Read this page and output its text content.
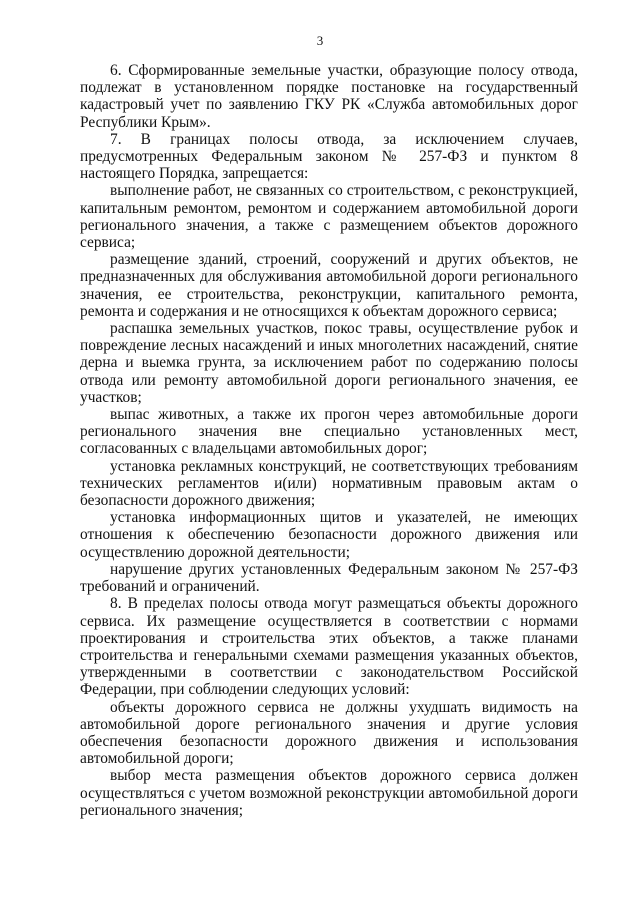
3

6. Сформированные земельные участки, образующие полосу отвода, подлежат в установленном порядке постановке на государственный кадастровый учет по заявлению ГКУ РК «Служба автомобильных дорог Республики Крым».

7. В границах полосы отвода, за исключением случаев, предусмотренных Федеральным законом № 257-ФЗ и пунктом 8 настоящего Порядка, запрещается:

выполнение работ, не связанных со строительством, с реконструкцией, капитальным ремонтом, ремонтом и содержанием автомобильной дороги регионального значения, а также с размещением объектов дорожного сервиса;

размещение зданий, строений, сооружений и других объектов, не предназначенных для обслуживания автомобильной дороги регионального значения, ее строительства, реконструкции, капитального ремонта, ремонта и содержания и не относящихся к объектам дорожного сервиса;

распашка земельных участков, покос травы, осуществление рубок и повреждение лесных насаждений и иных многолетних насаждений, снятие дерна и выемка грунта, за исключением работ по содержанию полосы отвода или ремонту автомобильной дороги регионального значения, ее участков;

выпас животных, а также их прогон через автомобильные дороги регионального значения вне специально установленных мест, согласованных с владельцами автомобильных дорог;

установка рекламных конструкций, не соответствующих требованиям технических регламентов и(или) нормативным правовым актам о безопасности дорожного движения;

установка информационных щитов и указателей, не имеющих отношения к обеспечению безопасности дорожного движения или осуществлению дорожной деятельности;

нарушение других установленных Федеральным законом № 257-ФЗ требований и ограничений.

8. В пределах полосы отвода могут размещаться объекты дорожного сервиса. Их размещение осуществляется в соответствии с нормами проектирования и строительства этих объектов, а также планами строительства и генеральными схемами размещения указанных объектов, утвержденными в соответствии с законодательством Российской Федерации, при соблюдении следующих условий:

объекты дорожного сервиса не должны ухудшать видимость на автомобильной дороге регионального значения и другие условия обеспечения безопасности дорожного движения и использования автомобильной дороги;

выбор места размещения объектов дорожного сервиса должен осуществляться с учетом возможной реконструкции автомобильной дороги регионального значения;
